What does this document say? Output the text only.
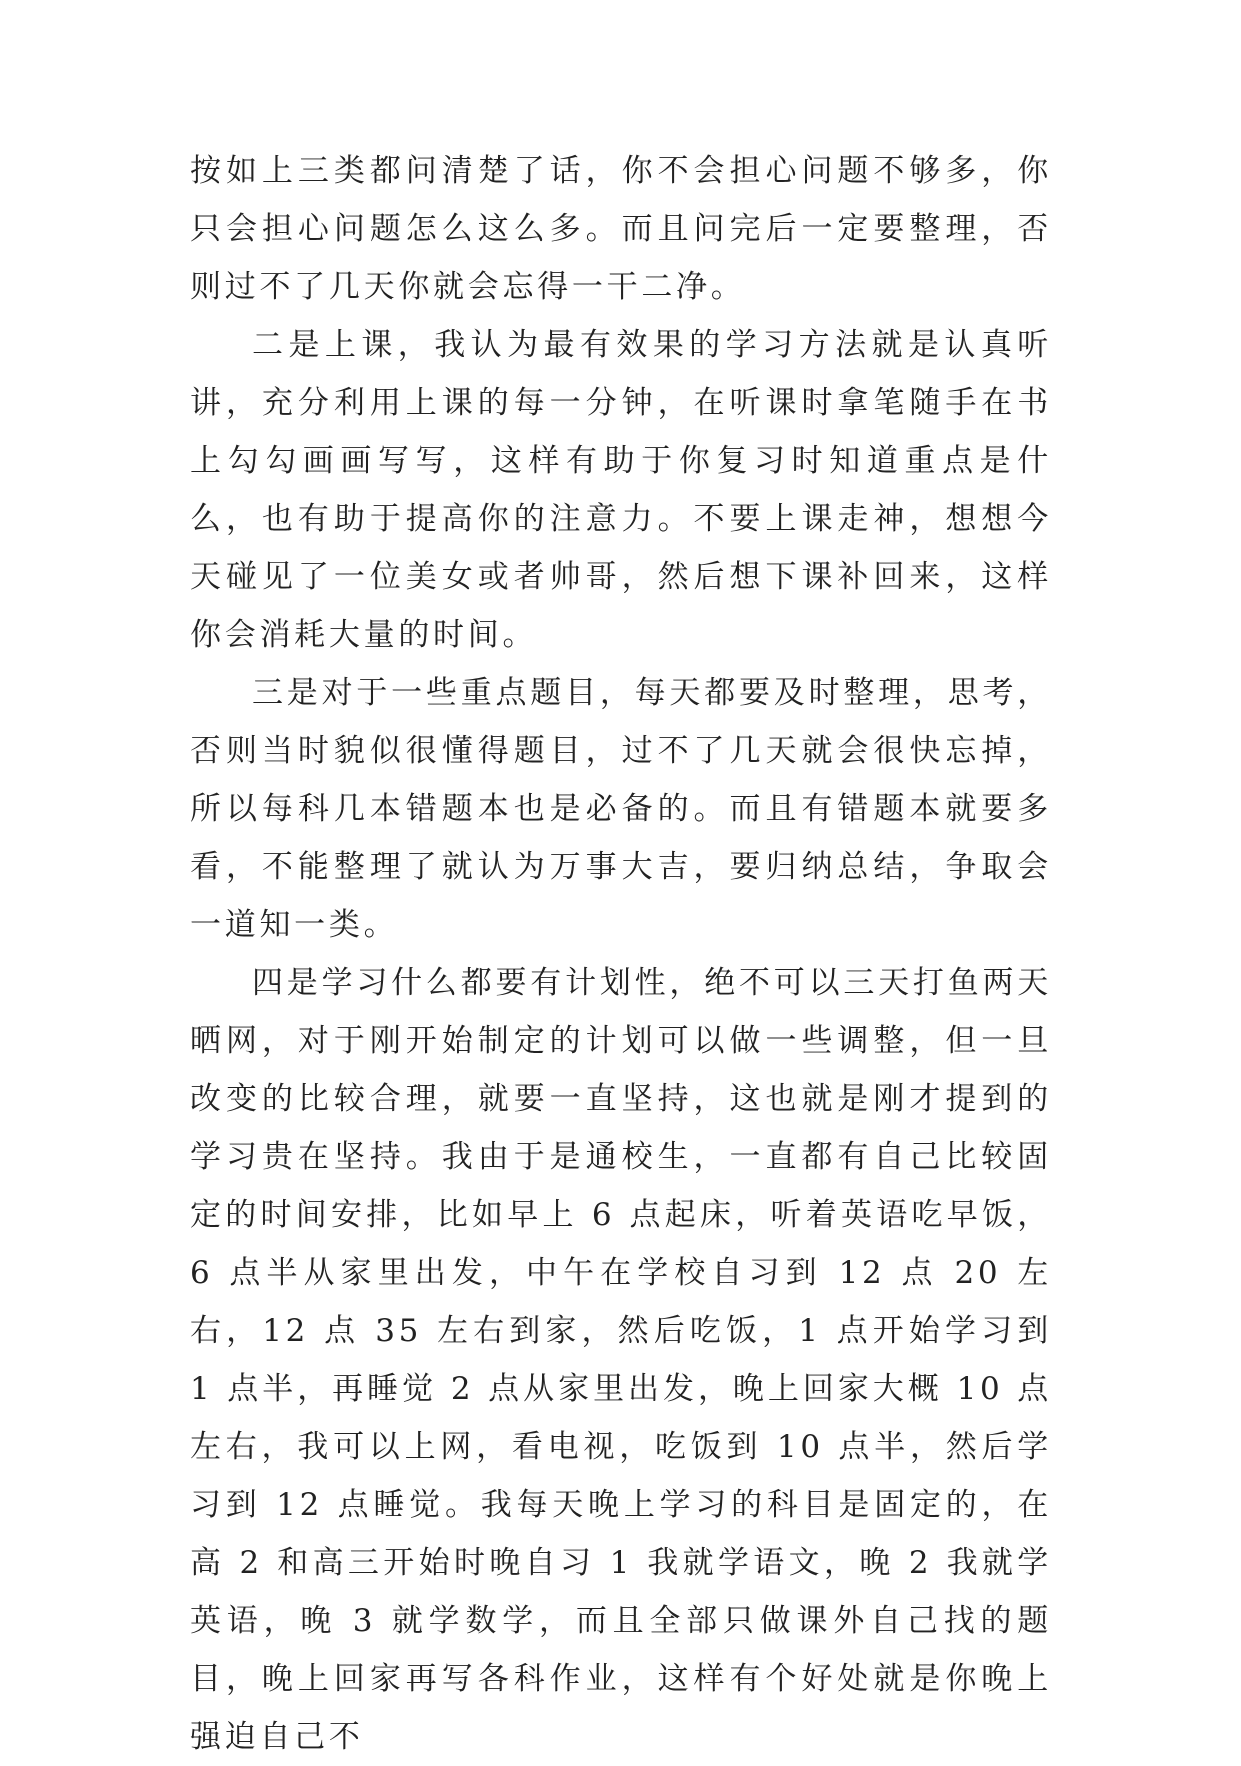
按如上三类都问清楚了话，你不会担心问题不够多，你只会担心问题怎么这么多。而且问完后一定要整理，否则过不了几天你就会忘得一干二净。

二是上课，我认为最有效果的学习方法就是认真听讲，充分利用上课的每一分钟，在听课时拿笔随手在书上勾勾画画写写，这样有助于你复习时知道重点是什么，也有助于提高你的注意力。不要上课走神，想想今天碰见了一位美女或者帅哥，然后想下课补回来，这样你会消耗大量的时间。

三是对于一些重点题目，每天都要及时整理，思考，否则当时貌似很懂得题目，过不了几天就会很快忘掉，所以每科几本错题本也是必备的。而且有错题本就要多看，不能整理了就认为万事大吉，要归纳总结，争取会一道知一类。

四是学习什么都要有计划性，绝不可以三天打鱼两天晒网，对于刚开始制定的计划可以做一些调整，但一旦改变的比较合理，就要一直坚持，这也就是刚才提到的学习贵在坚持。我由于是通校生，一直都有自己比较固定的时间安排，比如早上 6 点起床，听着英语吃早饭，6 点半从家里出发，中午在学校自习到 12 点 20 左右，12 点 35 左右到家，然后吃饭，1 点开始学习到 1 点半，再睡觉 2 点从家里出发，晚上回家大概 10 点左右，我可以上网，看电视，吃饭到 10 点半，然后学习到 12 点睡觉。我每天晚上学习的科目是固定的，在高 2 和高三开始时晚自习 1 我就学语文，晚 2 我就学英语，晚 3 就学数学，而且全部只做课外自己找的题目，晚上回家再写各科作业，这样有个好处就是你晚上强迫自己不
